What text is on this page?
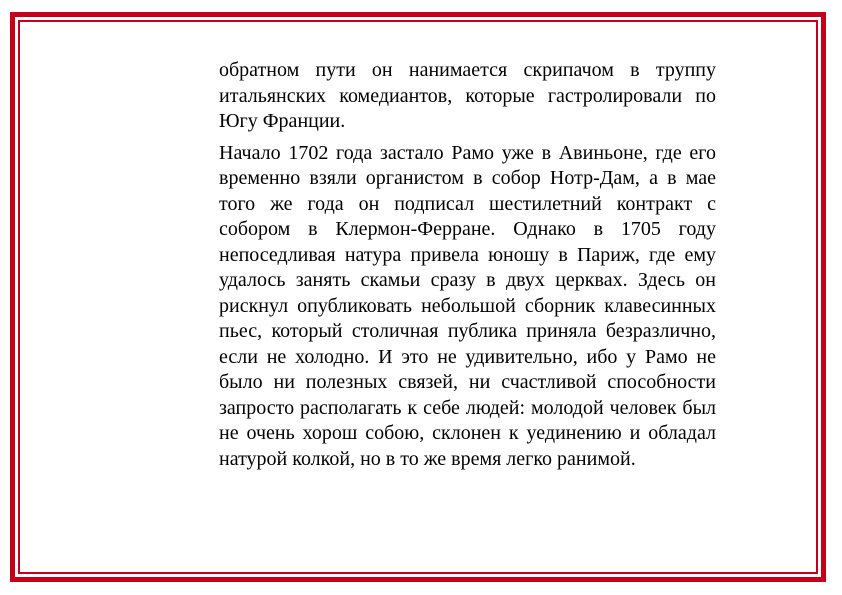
обратном пути он нанимается скрипачом в труппу итальянских комедиантов, которые гастролировали по Югу Франции.

Начало 1702 года застало Рамо уже в Авиньоне, где его временно взяли органистом в собор Нотр-Дам, а в мае того же года он подписал шестилетний контракт с собором в Клермон-Ферране. Однако в 1705 году непоседливая натура привела юношу в Париж, где ему удалось занять скамьи сразу в двух церквах. Здесь он рискнул опубликовать небольшой сборник клавесинных пьес, который столичная публика приняла безразлично, если не холодно. И это не удивительно, ибо у Рамо не было ни полезных связей, ни счастливой способности запросто располагать к себе людей: молодой человек был не очень хорош собою, склонен к уединению и обладал натурой колкой, но в то же время легко ранимой.
